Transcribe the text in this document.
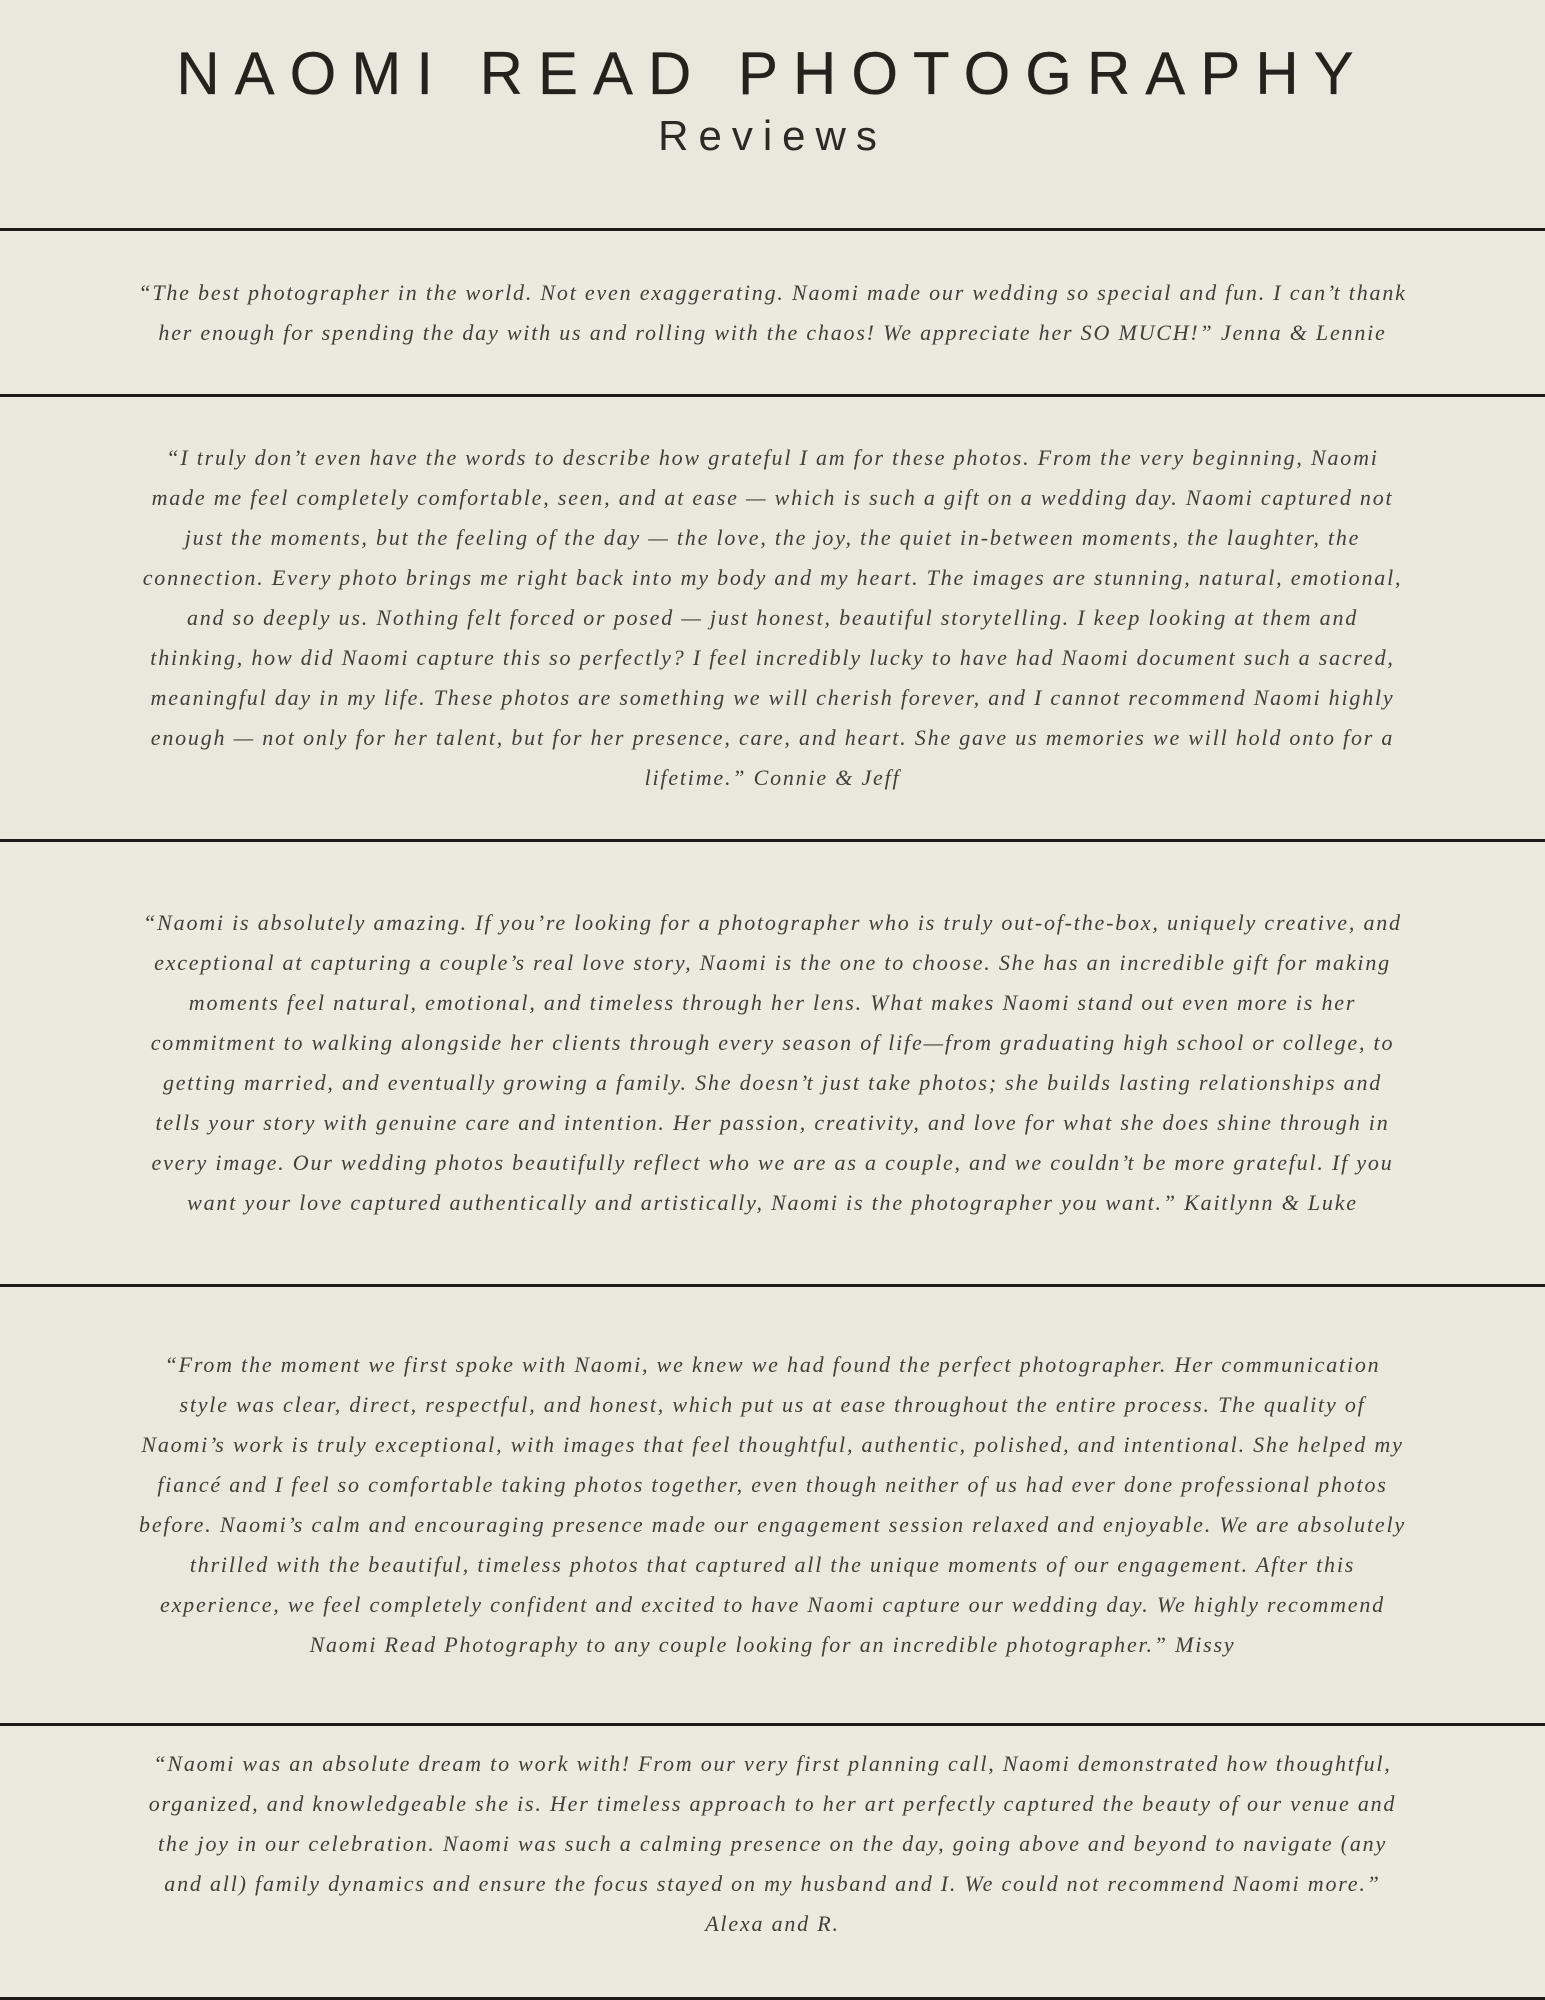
NAOMI READ PHOTOGRAPHY
Reviews

“The best photographer in the world. Not even exaggerating. Naomi made our wedding so special and fun. I can’t thank her enough for spending the day with us and rolling with the chaos! We appreciate her SO MUCH!” Jenna & Lennie

“I truly don’t even have the words to describe how grateful I am for these photos. From the very beginning, Naomi made me feel completely comfortable, seen, and at ease — which is such a gift on a wedding day. Naomi captured not just the moments, but the feeling of the day — the love, the joy, the quiet in-between moments, the laughter, the connection. Every photo brings me right back into my body and my heart. The images are stunning, natural, emotional, and so deeply us. Nothing felt forced or posed — just honest, beautiful storytelling. I keep looking at them and thinking, how did Naomi capture this so perfectly? I feel incredibly lucky to have had Naomi document such a sacred, meaningful day in my life. These photos are something we will cherish forever, and I cannot recommend Naomi highly enough — not only for her talent, but for her presence, care, and heart. She gave us memories we will hold onto for a lifetime.” Connie & Jeff

“Naomi is absolutely amazing. If you’re looking for a photographer who is truly out-of-the-box, uniquely creative, and exceptional at capturing a couple’s real love story, Naomi is the one to choose. She has an incredible gift for making moments feel natural, emotional, and timeless through her lens. What makes Naomi stand out even more is her commitment to walking alongside her clients through every season of life—from graduating high school or college, to getting married, and eventually growing a family. She doesn’t just take photos; she builds lasting relationships and tells your story with genuine care and intention. Her passion, creativity, and love for what she does shine through in every image. Our wedding photos beautifully reflect who we are as a couple, and we couldn’t be more grateful. If you want your love captured authentically and artistically, Naomi is the photographer you want.” Kaitlynn & Luke

“From the moment we first spoke with Naomi, we knew we had found the perfect photographer. Her communication style was clear, direct, respectful, and honest, which put us at ease throughout the entire process. The quality of Naomi’s work is truly exceptional, with images that feel thoughtful, authentic, polished, and intentional. She helped my fiancé and I feel so comfortable taking photos together, even though neither of us had ever done professional photos before. Naomi’s calm and encouraging presence made our engagement session relaxed and enjoyable. We are absolutely thrilled with the beautiful, timeless photos that captured all the unique moments of our engagement. After this experience, we feel completely confident and excited to have Naomi capture our wedding day. We highly recommend Naomi Read Photography to any couple looking for an incredible photographer.” Missy

“Naomi was an absolute dream to work with! From our very first planning call, Naomi demonstrated how thoughtful, organized, and knowledgeable she is. Her timeless approach to her art perfectly captured the beauty of our venue and the joy in our celebration. Naomi was such a calming presence on the day, going above and beyond to navigate (any and all) family dynamics and ensure the focus stayed on my husband and I. We could not recommend Naomi more.” Alexa and R.
